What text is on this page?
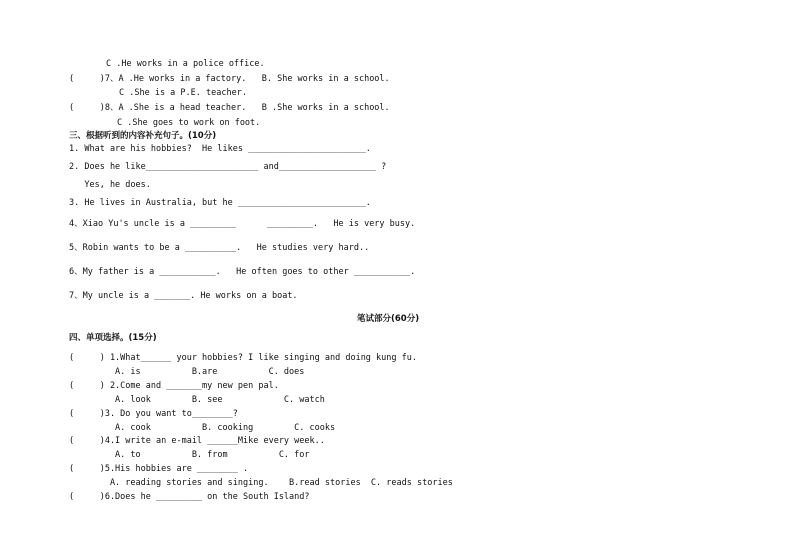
C .He works in a police office.
(     )7、A .He works in a factory.   B. She works in a school.
C .She is a P.E. teacher.
(     )8、A .She is a head teacher.   B .She works in a school.
C .She goes to work on foot.
三、根据听到的内容补充句子。(10分)
1. What are his hobbies?  He likes _______________________.
2. Does he like______________________ and___________________ ?
Yes, he does.
3. He lives in Australia, but he _________________________.
4、Xiao Yu's uncle is a _________      _________.   He is very busy.
5、Robin wants to be a __________.   He studies very hard..
6、My father is a ___________.   He often goes to other ___________.
7、My uncle is a _______. He works on a boat.
笔试部分(60分)
四、单项选择。(15分)
(     ) 1.What______ your hobbies? I like singing and doing kung fu.
A. is          B.are          C. does
(     ) 2.Come and _______my new pen pal.
A. look        B. see            C. watch
(     )3. Do you want to________?
A. cook          B. cooking        C. cooks
(     )4.I write an e-mail ______Mike every week..
A. to          B. from          C. for
(     )5.His hobbies are ________ .
A. reading stories and singing.    B.read stories  C. reads stories
(     )6.Does he _________ on the South Island?
